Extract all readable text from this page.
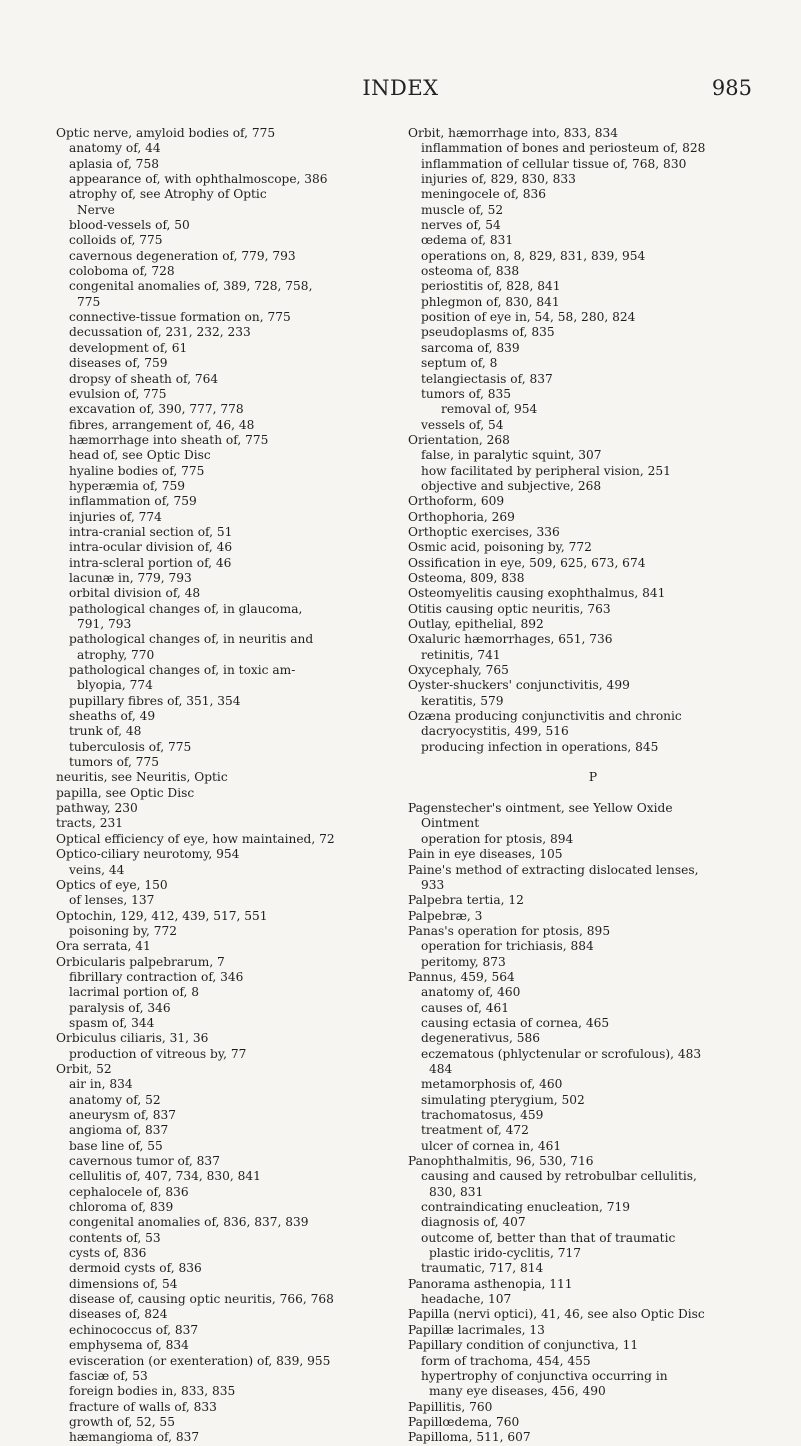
INDEX	985
Optic nerve, amyloid bodies of, 775
anatomy of, 44
aplasia of, 758
appearance of, with ophthalmoscope, 386
atrophy of, see Atrophy of Optic
Nerve
blood-vessels of, 50
colloids of, 775
cavernous degeneration of, 779, 793
coloboma of, 728
congenital anomalies of, 389, 728, 758,
775
connective-tissue formation on, 775
decussation of, 231, 232, 233
development of, 61
diseases of, 759
dropsy of sheath of, 764
evulsion of, 775
excavation of, 390, 777, 778
fibres, arrangement of, 46, 48
hæmorrhage into sheath of, 775
head of, see Optic Disc
hyaline bodies of, 775
hyperæmia of, 759
inflammation of, 759
injuries of, 774
intra-cranial section of, 51
intra-ocular division of, 46
intra-scleral portion of, 46
lacunæ in, 779, 793
orbital division of, 48
pathological changes of, in glaucoma,
791, 793
pathological changes of, in neuritis and
atrophy, 770
pathological changes of, in toxic am-
blyopia, 774
pupillary fibres of, 351, 354
sheaths of, 49
trunk of, 48
tuberculosis of, 775
tumors of, 775
neuritis, see Neuritis, Optic
papilla, see Optic Disc
pathway, 230
tracts, 231
Optical efficiency of eye, how maintained, 72
Optico-ciliary neurotomy, 954
veins, 44
Optics of eye, 150
of lenses, 137
Optochin, 129, 412, 439, 517, 551
poisoning by, 772
Ora serrata, 41
Orbicularis palpebrarum, 7
fibrillary contraction of, 346
lacrimal portion of, 8
paralysis of, 346
spasm of, 344
Orbiculus ciliaris, 31, 36
production of vitreous by, 77
Orbit, 52
air in, 834
anatomy of, 52
aneurysm of, 837
angioma of, 837
base line of, 55
cavernous tumor of, 837
cellulitis of, 407, 734, 830, 841
cephalocele of, 836
chloroma of, 839
congenital anomalies of, 836, 837, 839
contents of, 53
cysts of, 836
dermoid cysts of, 836
dimensions of, 54
disease of, causing optic neuritis, 766, 768
diseases of, 824
echinococcus of, 837
emphysema of, 834
evisceration (or exenteration) of, 839, 955
fasciæ of, 53
foreign bodies in, 833, 835
fracture of walls of, 833
growth of, 52, 55
hæmangioma of, 837
Orbit, hæmorrhage into, 833, 834
inflammation of bones and periosteum of, 828
inflammation of cellular tissue of, 768, 830
injuries of, 829, 830, 833
meningocele of, 836
muscle of, 52
nerves of, 54
œdema of, 831
operations on, 8, 829, 831, 839, 954
osteoma of, 838
periostitis of, 828, 841
phlegmon of, 830, 841
position of eye in, 54, 58, 280, 824
pseudoplasms of, 835
sarcoma of, 839
septum of, 8
telangiectasis of, 837
tumors of, 835
removal of, 954
vessels of, 54
Orientation, 268
false, in paralytic squint, 307
how facilitated by peripheral vision, 251
objective and subjective, 268
Orthoform, 609
Orthophoria, 269
Orthoptic exercises, 336
Osmic acid, poisoning by, 772
Ossification in eye, 509, 625, 673, 674
Osteoma, 809, 838
Osteomyelitis causing exophthalmus, 841
Otitis causing optic neuritis, 763
Outlay, epithelial, 892
Oxaluric hæmorrhages, 651, 736
retinitis, 741
Oxycephaly, 765
Oyster-shuckers' conjunctivitis, 499
keratitis, 579
Ozæna producing conjunctivitis and chronic
dacryocystitis, 499, 516
producing infection in operations, 845
P
Pagenstecher's ointment, see Yellow Oxide
Ointment
operation for ptosis, 894
Pain in eye diseases, 105
Paine's method of extracting dislocated lenses,
933
Palpebra tertia, 12
Palpebræ, 3
Panas's operation for ptosis, 895
operation for trichiasis, 884
peritomy, 873
Pannus, 459, 564
anatomy of, 460
causes of, 461
causing ectasia of cornea, 465
degenerativus, 586
eczematous (phlyctenular or scrofulous), 483
484
metamorphosis of, 460
simulating pterygium, 502
trachomatosus, 459
treatment of, 472
ulcer of cornea in, 461
Panophthalmitis, 96, 530, 716
causing and caused by retrobulbar cellulitis,
830, 831
contraindicating enucleation, 719
diagnosis of, 407
outcome of, better than that of traumatic
plastic irido-cyclitis, 717
traumatic, 717, 814
Panorama asthenopia, 111
headache, 107
Papilla (nervi optici), 41, 46, see also Optic Disc
Papillæ lacrimales, 13
Papillary condition of conjunctiva, 11
form of trachoma, 454, 455
hypertrophy of conjunctiva occurring in
many eye diseases, 456, 490
Papillitis, 760
Papillœdema, 760
Papilloma, 511, 607
